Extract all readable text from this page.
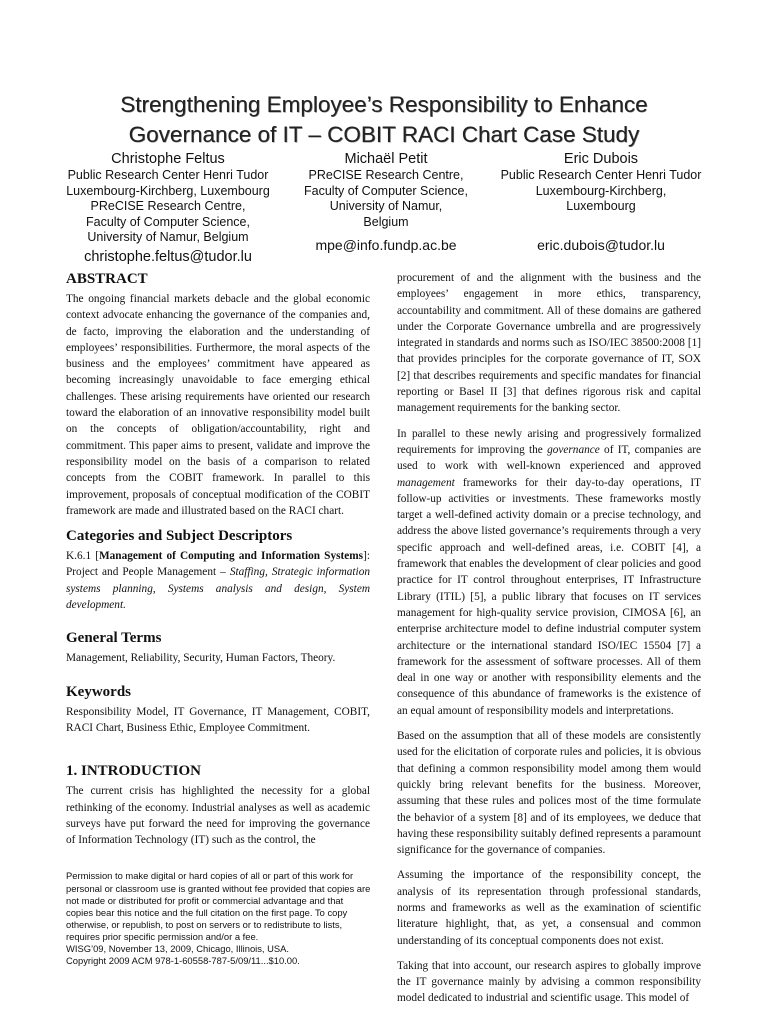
Strengthening Employee’s Responsibility to Enhance
Governance of IT – COBIT RACI Chart Case Study
Christophe Feltus
Public Research Center Henri Tudor
Luxembourg-Kirchberg, Luxembourg
PReCISE Research Centre,
Faculty of Computer Science,
University of Namur, Belgium
christophe.feltus@tudor.lu
Michaël Petit
PReCISE Research Centre,
Faculty of Computer Science,
University of Namur,
Belgium
mpe@info.fundp.ac.be
Eric Dubois
Public Research Center Henri Tudor
Luxembourg-Kirchberg,
Luxembourg
eric.dubois@tudor.lu
ABSTRACT

The ongoing financial markets debacle and the global economic context advocate enhancing the governance of the companies and, de facto, improving the elaboration and the understanding of employees’ responsibilities. Furthermore, the moral aspects of the business and the employees’ commitment have appeared as becoming increasingly unavoidable to face emerging ethical challenges. These arising requirements have oriented our research toward the elaboration of an innovative responsibility model built on the concepts of obligation/accountability, right and commitment. This paper aims to present, validate and improve the responsibility model on the basis of a comparison to related concepts from the COBIT framework. In parallel to this improvement, proposals of conceptual modification of the COBIT framework are made and illustrated based on the RACI chart.

Categories and Subject Descriptors

K.6.1 [Management of Computing and Information Systems]: Project and People Management – Staffing, Strategic information systems planning, Systems analysis and design, System development.

General Terms

Management, Reliability, Security, Human Factors, Theory.

Keywords

Responsibility Model, IT Governance, IT Management, COBIT, RACI Chart, Business Ethic, Employee Commitment.

1. INTRODUCTION

The current crisis has highlighted the necessity for a global rethinking of the economy. Industrial analyses as well as academic surveys have put forward the need for improving the governance of Information Technology (IT) such as the control, the

Permission to make digital or hard copies of all or part of this work for
personal or classroom use is granted without fee provided that copies are
not made or distributed for profit or commercial advantage and that
copies bear this notice and the full citation on the first page. To copy
otherwise, or republish, to post on servers or to redistribute to lists,
requires prior specific permission and/or a fee.
WISG’09, November 13, 2009, Chicago, Illinois, USA.
Copyright 2009 ACM 978-1-60558-787-5/09/11...$10.00.

procurement of and the alignment with the business and the employees’ engagement in more ethics, transparency, accountability and commitment. All of these domains are gathered under the Corporate Governance umbrella and are progressively integrated in standards and norms such as ISO/IEC 38500:2008 [1] that provides principles for the corporate governance of IT, SOX [2] that describes requirements and specific mandates for financial reporting or Basel II [3] that defines rigorous risk and capital management requirements for the banking sector.

In parallel to these newly arising and progressively formalized requirements for improving the governance of IT, companies are used to work with well-known experienced and approved management frameworks for their day-to-day operations, IT follow-up activities or investments. These frameworks mostly target a well-defined activity domain or a precise technology, and address the above listed governance’s requirements through a very specific approach and well-defined areas, i.e. COBIT [4], a framework that enables the development of clear policies and good practice for IT control throughout enterprises, IT Infrastructure Library (ITIL) [5], a public library that focuses on IT services management for high-quality service provision, CIMOSA [6], an enterprise architecture model to define industrial computer system architecture or the international standard ISO/IEC 15504 [7] a framework for the assessment of software processes. All of them deal in one way or another with responsibility elements and the consequence of this abundance of frameworks is the existence of an equal amount of responsibility models and interpretations.

Based on the assumption that all of these models are consistently used for the elicitation of corporate rules and policies, it is obvious that defining a common responsibility model among them would quickly bring relevant benefits for the business. Moreover, assuming that these rules and polices most of the time formulate the behavior of a system [8] and of its employees, we deduce that having these responsibility suitably defined represents a paramount significance for the governance of companies.

Assuming the importance of the responsibility concept, the analysis of its representation through professional standards, norms and frameworks as well as the examination of scientific literature highlight, that, as yet, a consensual and common understanding of its conceptual components does not exist.

Taking that into account, our research aspires to globally improve the IT governance mainly by advising a common responsibility model dedicated to industrial and scientific usage. This model of
